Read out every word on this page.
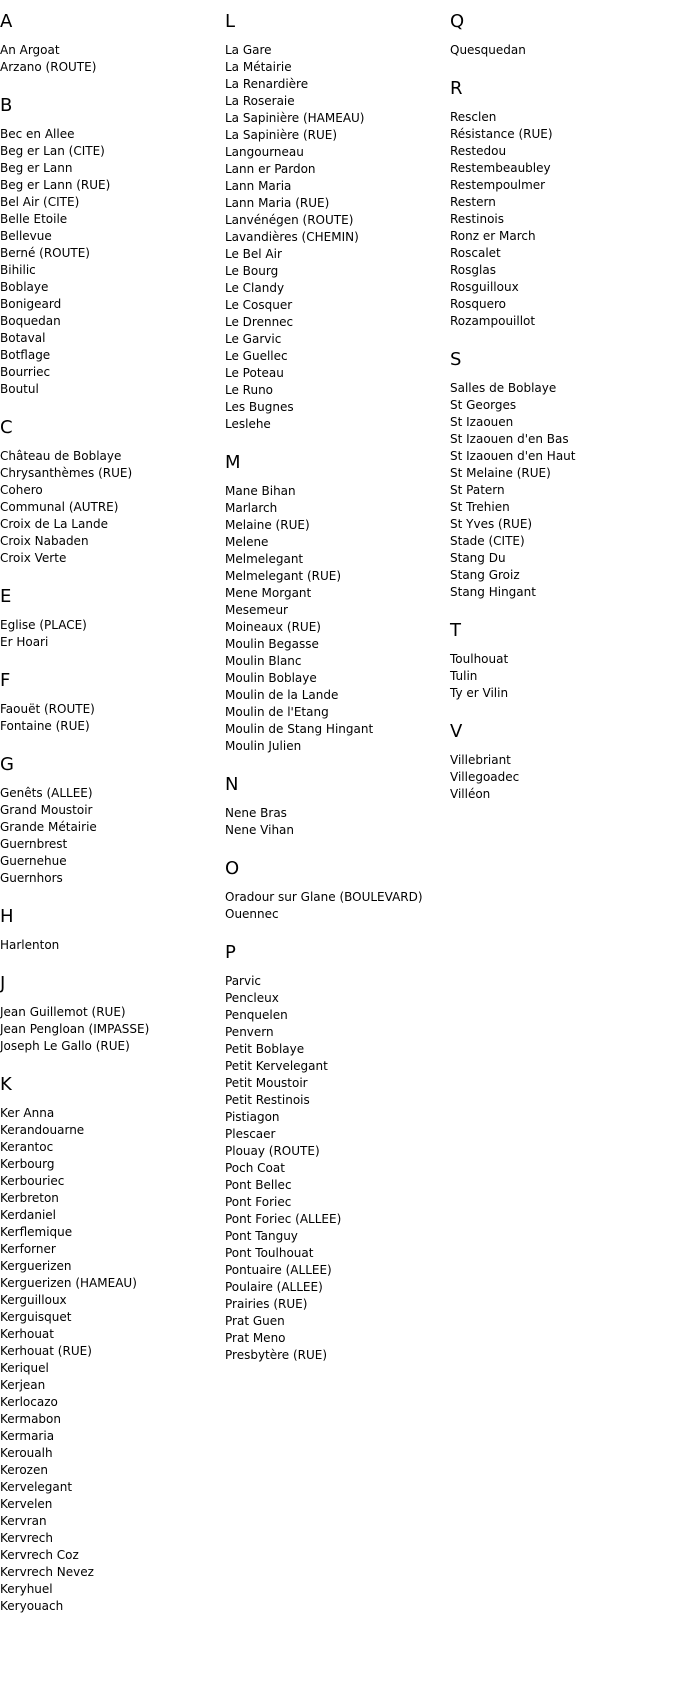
A
An Argoat
Arzano (ROUTE)
B
Bec en Allee
Beg er Lan (CITE)
Beg er Lann
Beg er Lann (RUE)
Bel Air (CITE)
Belle Etoile
Bellevue
Berné (ROUTE)
Bihilic
Boblaye
Bonigeard
Boquedan
Botaval
Botflage
Bourriec
Boutul
C
Château de Boblaye
Chrysanthèmes (RUE)
Cohero
Communal (AUTRE)
Croix de La Lande
Croix Nabaden
Croix Verte
E
Eglise (PLACE)
Er Hoari
F
Faouët (ROUTE)
Fontaine (RUE)
G
Genêts (ALLEE)
Grand Moustoir
Grande Métairie
Guernbrest
Guernehue
Guernhors
H
Harlenton
J
Jean Guillemot (RUE)
Jean Pengloan (IMPASSE)
Joseph Le Gallo (RUE)
K
Ker Anna
Kerandouarne
Kerantoc
Kerbourg
Kerbouriec
Kerbreton
Kerdaniel
Kerflemique
Kerforner
Kerguerizen
Kerguerizen (HAMEAU)
Kerguilloux
Kerguisquet
Kerhouat
Kerhouat (RUE)
Keriquel
Kerjean
Kerlocazo
Kermabon
Kermaria
Keroualh
Kerozen
Kervelegant
Kervelen
Kervran
Kervrech
Kervrech Coz
Kervrech Nevez
Keryhuel
Keryouach
L
La Gare
La Métairie
La Renardière
La Roseraie
La Sapinière (HAMEAU)
La Sapinière (RUE)
Langourneau
Lann er Pardon
Lann Maria
Lann Maria (RUE)
Lanvénégen (ROUTE)
Lavandières (CHEMIN)
Le Bel Air
Le Bourg
Le Clandy
Le Cosquer
Le Drennec
Le Garvic
Le Guellec
Le Poteau
Le Runo
Les Bugnes
Leslehe
M
Mane Bihan
Marlarch
Melaine (RUE)
Melene
Melmelegant
Melmelegant (RUE)
Mene Morgant
Mesemeur
Moineaux (RUE)
Moulin Begasse
Moulin Blanc
Moulin Boblaye
Moulin de la Lande
Moulin de l'Etang
Moulin de Stang Hingant
Moulin Julien
N
Nene Bras
Nene Vihan
O
Oradour sur Glane (BOULEVARD)
Ouennec
P
Parvic
Pencleux
Penquelen
Penvern
Petit Boblaye
Petit Kervelegant
Petit Moustoir
Petit Restinois
Pistiagon
Plescaer
Plouay (ROUTE)
Poch Coat
Pont Bellec
Pont Foriec
Pont Foriec (ALLEE)
Pont Tanguy
Pont Toulhouat
Pontuaire (ALLEE)
Poulaire (ALLEE)
Prairies (RUE)
Prat Guen
Prat Meno
Presbytère (RUE)
Q
Quesquedan
R
Resclen
Résistance (RUE)
Restedou
Restembeaubley
Restempoulmer
Restern
Restinois
Ronz er March
Roscalet
Rosglas
Rosguilloux
Rosquero
Rozampouillot
S
Salles de Boblaye
St Georges
St Izaouen
St Izaouen d'en Bas
St Izaouen d'en Haut
St Melaine (RUE)
St Patern
St Trehien
St Yves (RUE)
Stade (CITE)
Stang Du
Stang Groiz
Stang Hingant
T
Toulhouat
Tulin
Ty er Vilin
V
Villebriant
Villegoadec
Villéon
